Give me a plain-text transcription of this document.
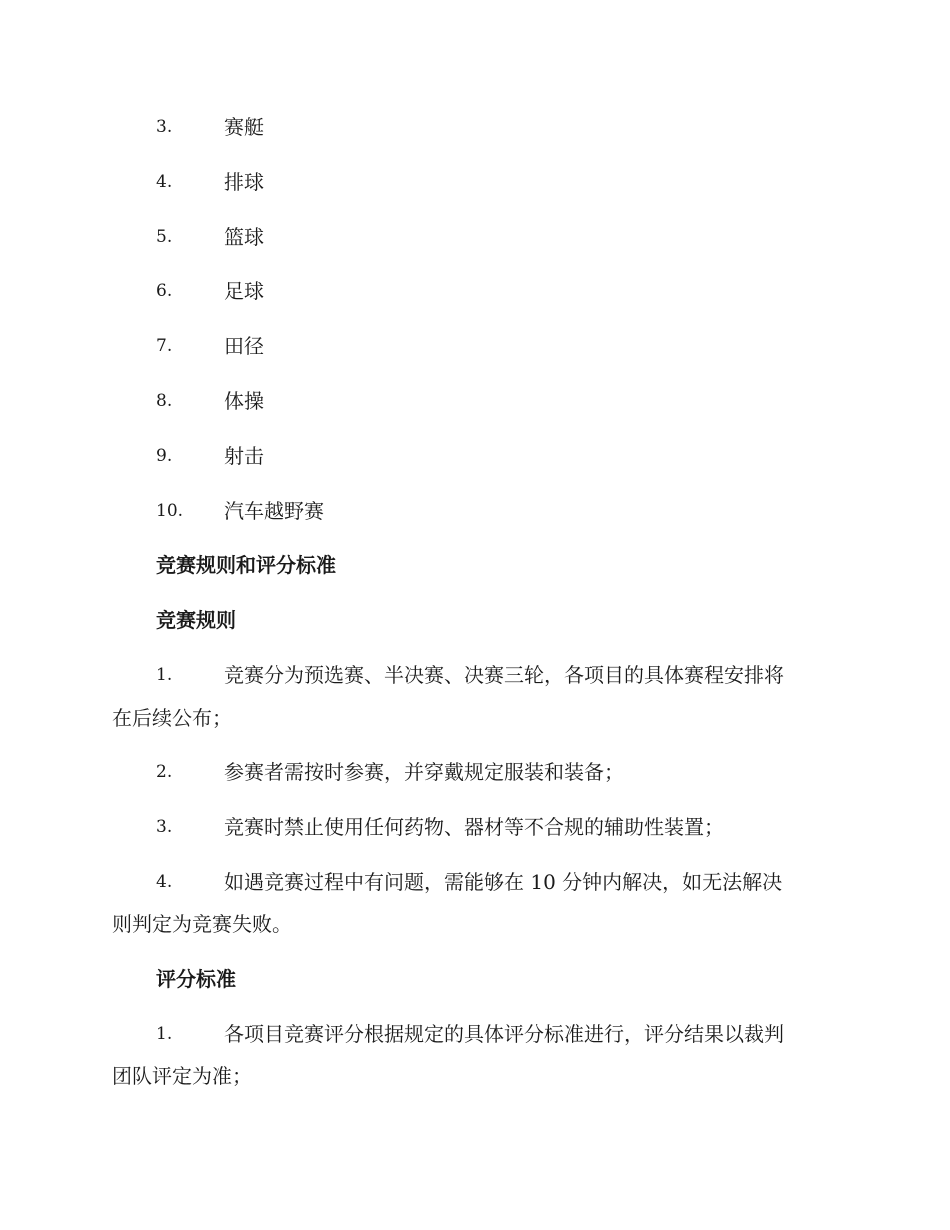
3.	赛艇
4.	排球
5.	篮球
6.	足球
7.	田径
8.	体操
9.	射击
10. 汽车越野赛
竞赛规则和评分标准
竞赛规则
1.	竞赛分为预选赛、半决赛、决赛三轮，各项目的具体赛程安排将
在后续公布；
2.	参赛者需按时参赛，并穿戴规定服装和装备；
3.	竞赛时禁止使用任何药物、器材等不合规的辅助性装置；
4.	如遇竞赛过程中有问题，需能够在 10 分钟内解决，如无法解决
则判定为竞赛失败。
评分标准
1.	各项目竞赛评分根据规定的具体评分标准进行，评分结果以裁判
团队评定为准；
